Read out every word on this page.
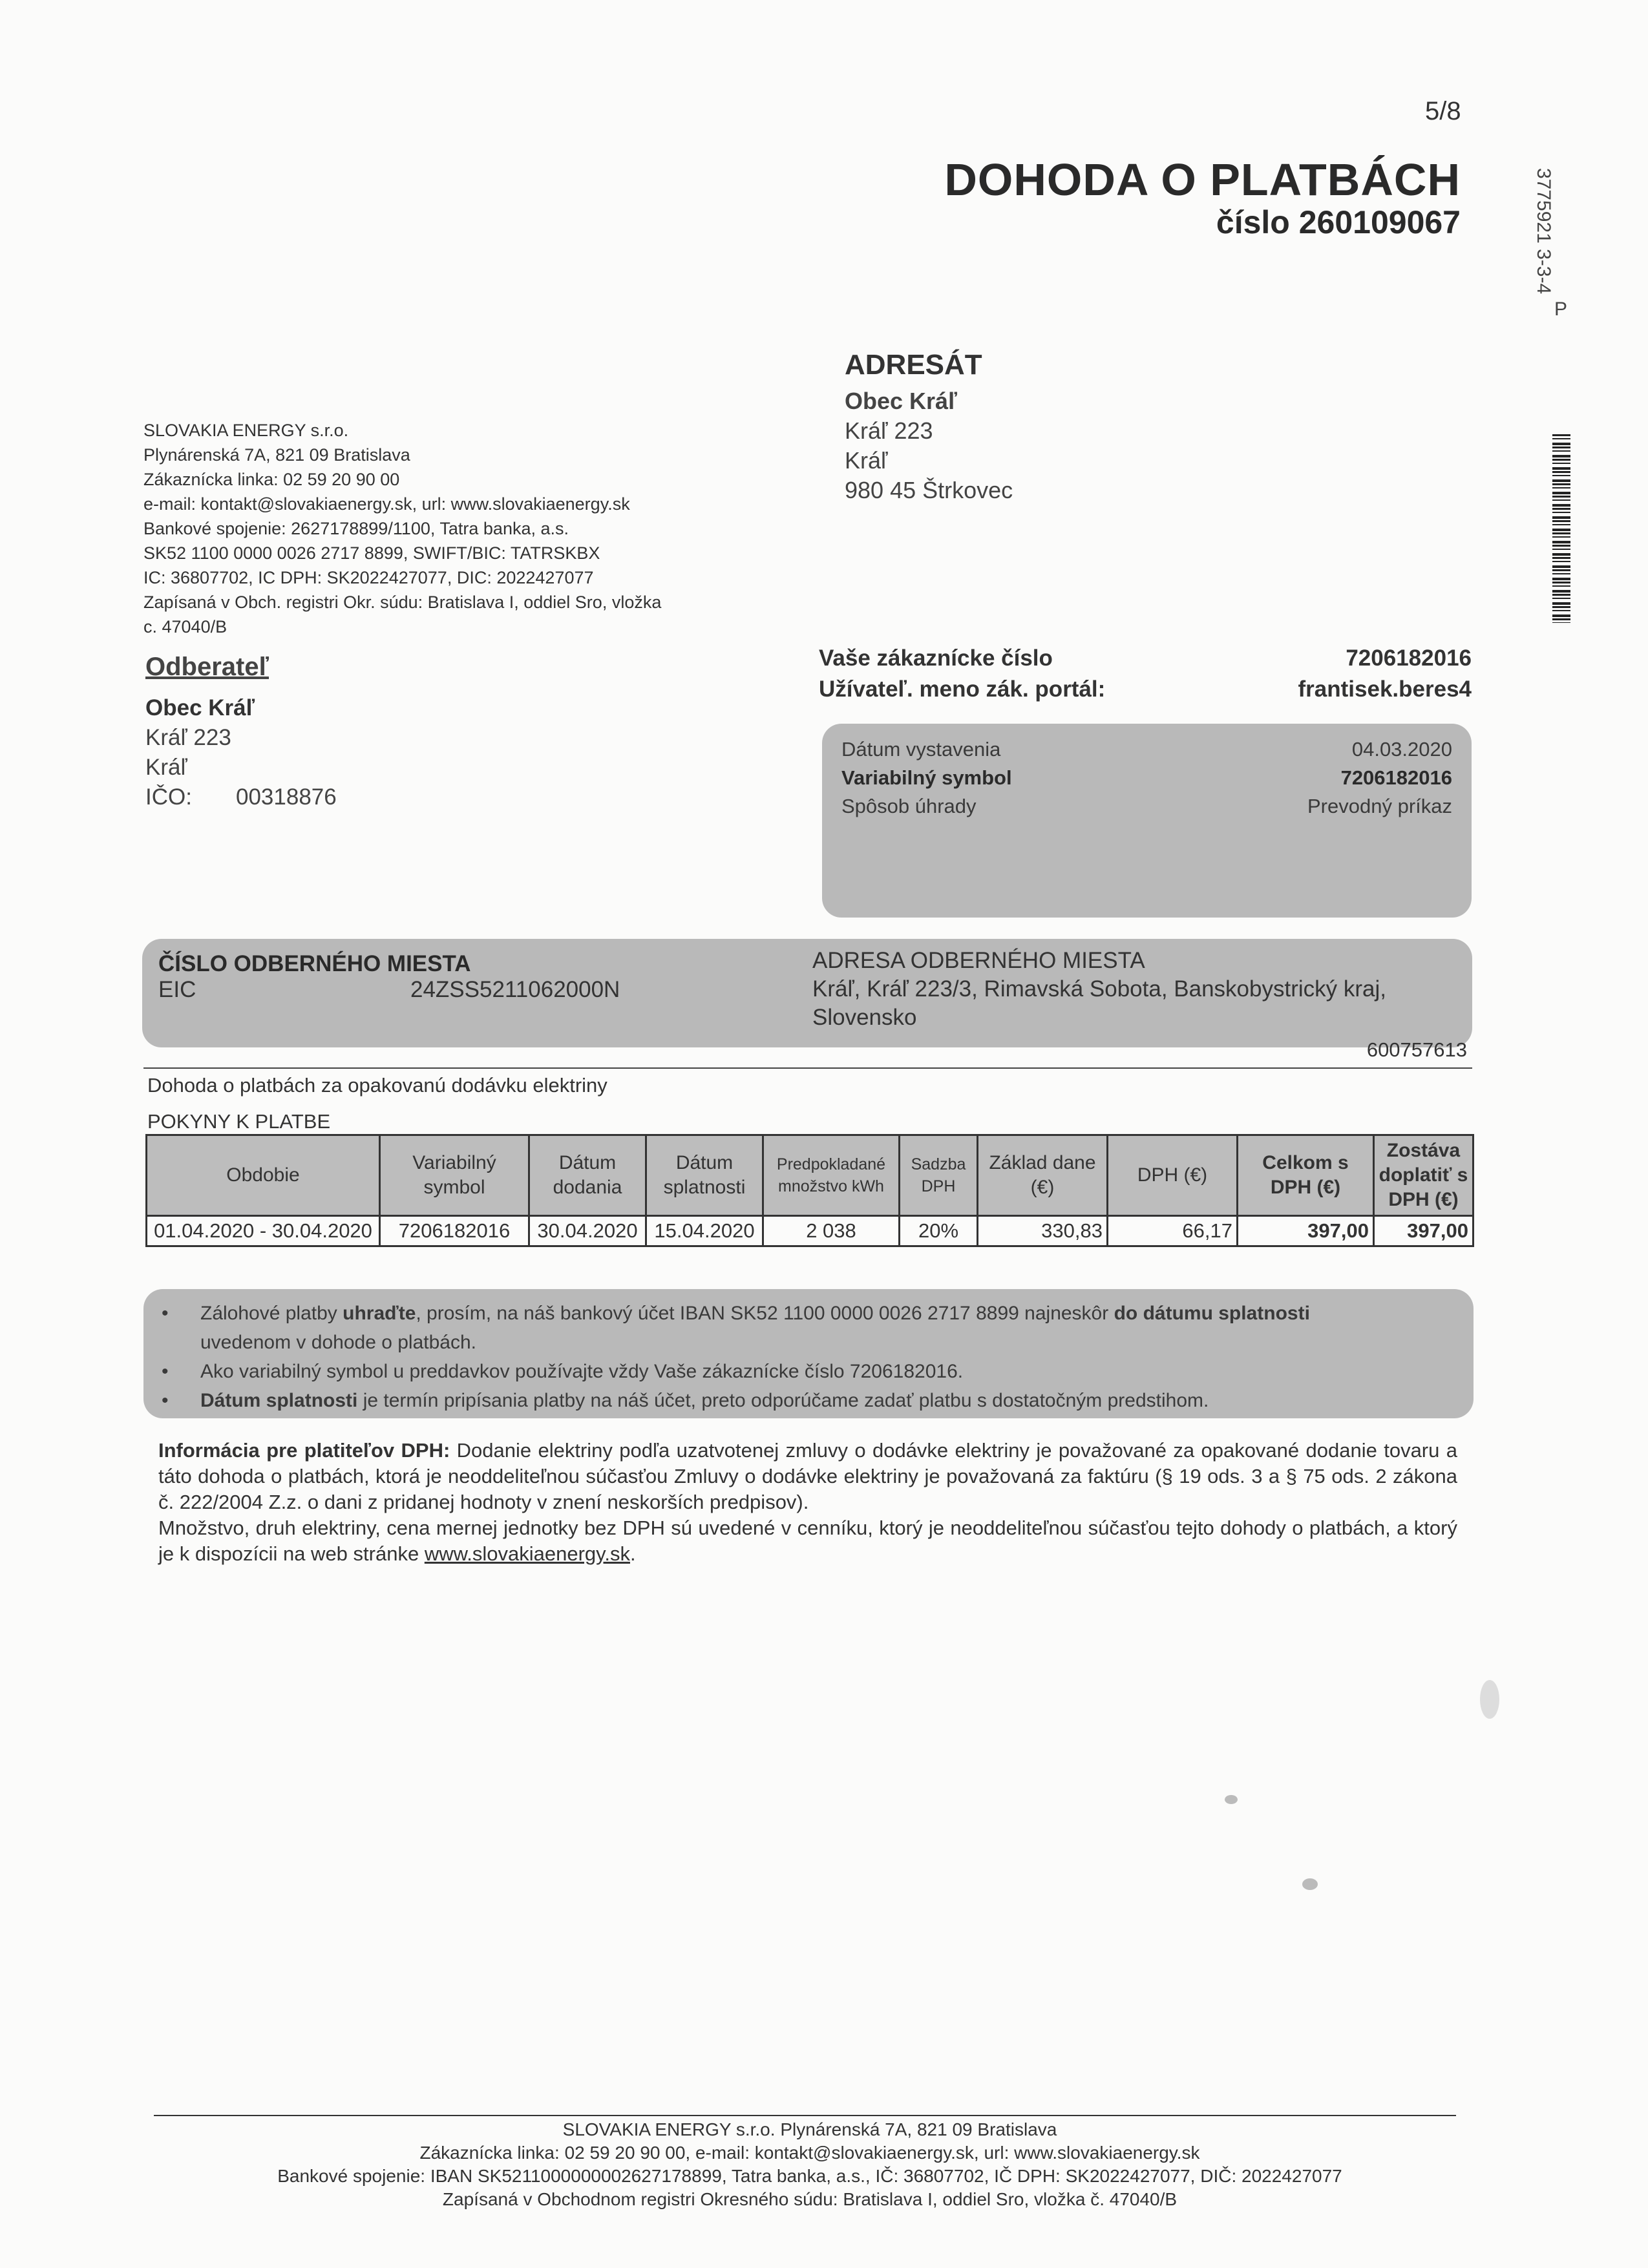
5/8
DOHODA O PLATBÁCH
číslo 260109067	3775921 3-3-4
P
SLOVAKIA ENERGY s.r.o.
Plynárenská 7A, 821 09 Bratislava
Zákaznícka linka: 02 59 20 90 00
e-mail: kontakt@slovakiaenergy.sk, url: www.slovakiaenergy.sk
Bankové spojenie: 2627178899/1100, Tatra banka, a.s.
SK52 1100 0000 0026 2717 8899, SWIFT/BIC: TATRSKBX
IC: 36807702, IC DPH: SK2022427077, DIC: 2022427077
Zapísaná v Obch. registri Okr. súdu: Bratislava I, oddiel Sro, vložka
c. 47040/B
ADRESÁT
Obec Kráľ
Kráľ 223
Kráľ
980 45 Štrkovec
Odberateľ
Obec Kráľ
Kráľ 223
Kráľ
IČO: 00318876
Vaše zákaznícke číslo	7206182016
Užívateľ. meno zák. portál:	frantisek.beres4
Dátum vystavenia	04.03.2020
Variabilný symbol	7206182016
Spôsob úhrady	Prevodný príkaz
ČÍSLO ODBERNÉHO MIESTA
EIC	24ZSS5211062000N
ADRESA ODBERNÉHO MIESTA
Kráľ, Kráľ 223/3, Rimavská Sobota, Banskobystrický kraj,
Slovensko
600757613
Dohoda o platbách za opakovanú dodávku elektriny
POKYNY K PLATBE
Obdobie	Variabilný symbol	Dátum dodania	Dátum splatnosti	Predpokladané množstvo kWh	Sadzba DPH	Základ dane (€)	DPH (€)	Celkom s DPH (€)	Zostáva doplatiť s DPH (€)
01.04.2020 - 30.04.2020	7206182016	30.04.2020	15.04.2020	2 038	20%	330,83	66,17	397,00	397,00
•	Zálohové platby uhraďte, prosím, na náš bankový účet IBAN SK52 1100 0000 0026 2717 8899 najneskôr do dátumu splatnosti
uvedenom v dohode o platbách.
•	Ako variabilný symbol u preddavkov používajte vždy Vaše zákaznícke číslo 7206182016.
•	Dátum splatnosti je termín pripísania platby na náš účet, preto odporúčame zadať platbu s dostatočným predstihom.
Informácia pre platiteľov DPH: Dodanie elektriny podľa uzatvotenej zmluvy o dodávke elektriny je považované za opakované dodanie tovaru a táto dohoda o platbách, ktorá je neoddeliteľnou súčasťou Zmluvy o dodávke elektriny je považovaná za faktúru (§ 19 ods. 3 a § 75 ods. 2 zákona č. 222/2004 Z.z. o dani z pridanej hodnoty v znení neskorších predpisov).
Množstvo, druh elektriny, cena mernej jednotky bez DPH sú uvedené v cenníku, ktorý je neoddeliteľnou súčasťou tejto dohody o platbách, a ktorý je k dispozícii na web stránke www.slovakiaenergy.sk.
SLOVAKIA ENERGY s.r.o. Plynárenská 7A, 821 09 Bratislava
Zákaznícka linka: 02 59 20 90 00, e-mail: kontakt@slovakiaenergy.sk, url: www.slovakiaenergy.sk
Bankové spojenie: IBAN SK5211000000002627178899, Tatra banka, a.s., IČ: 36807702, IČ DPH: SK2022427077, DIČ: 2022427077
Zapísaná v Obchodnom registri Okresného súdu: Bratislava I, oddiel Sro, vložka č. 47040/B
